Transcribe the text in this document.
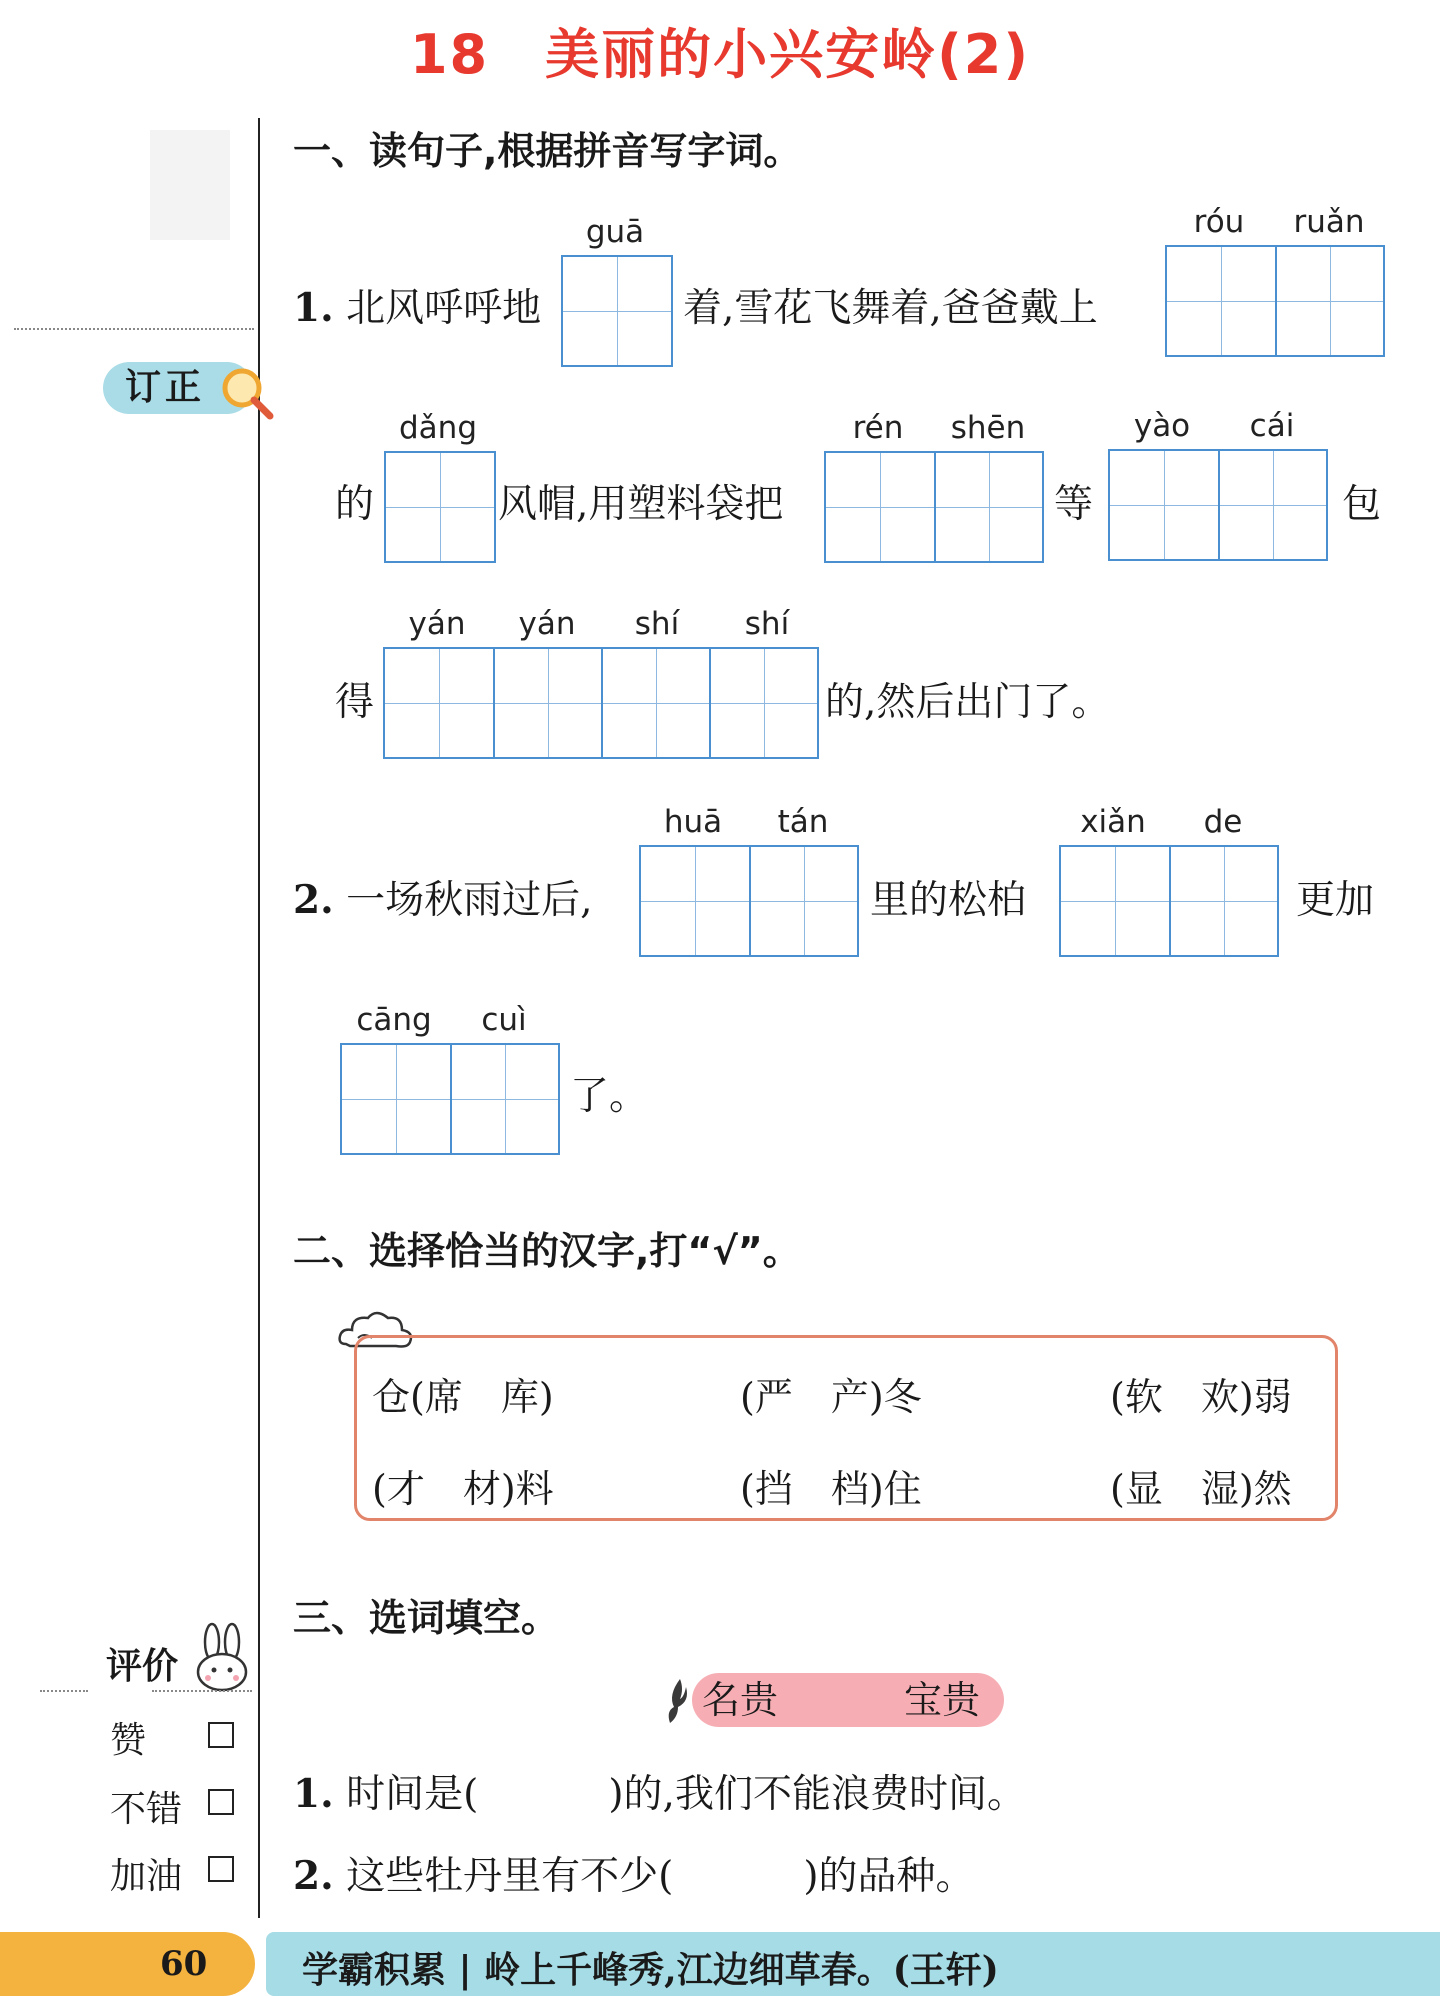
18 美丽的小兴安岭(2)
订正
一、读句子,根据拼音写字词。
1. 北风呼呼地
guā
着,雪花飞舞着,爸爸戴上
róu	ruǎn
的
dǎng
风帽,用塑料袋把
rén	shēn
等
yào	cái
包
得
yán	yán	shí	shí
的,然后出门了。
2. 一场秋雨过后,
huā	tán
里的松柏
xiǎn	de
更加
cāng	cuì
了。
二、选择恰当的汉字,打“√”。
仓(席　库)	(严　产)冬	(软　欢)弱
(才　材)料	(挡　档)住	(显　湿)然
三、选词填空。
名贵	宝贵
1. 时间是(	)的,我们不能浪费时间。
2. 这些牡丹里有不少(	)的品种。
评价
赞
不错
加油
60	学霸积累 | 岭上千峰秀,江边细草春。(王轩)
